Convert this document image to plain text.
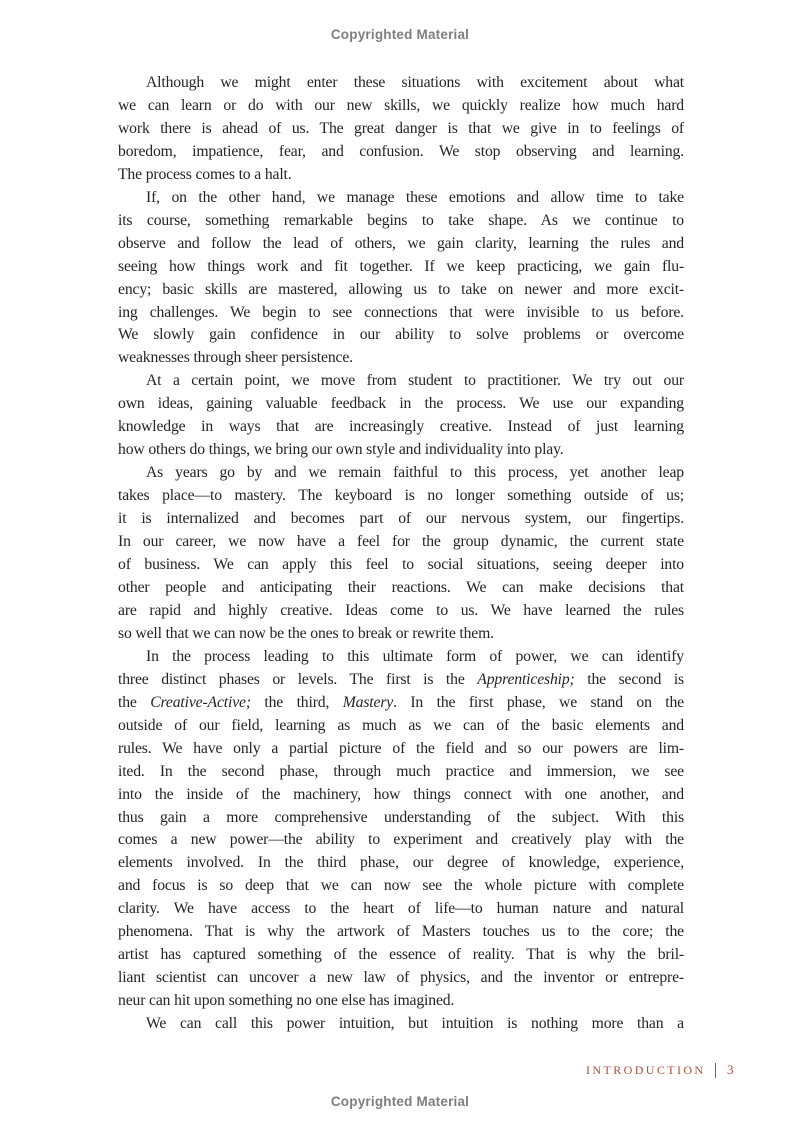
Copyrighted Material
Although we might enter these situations with excitement about what
we can learn or do with our new skills, we quickly realize how much hard
work there is ahead of us. The great danger is that we give in to feelings of
boredom, impatience, fear, and confusion. We stop observing and learning.
The process comes to a halt.
If, on the other hand, we manage these emotions and allow time to take
its course, something remarkable begins to take shape. As we continue to
observe and follow the lead of others, we gain clarity, learning the rules and
seeing how things work and fit together. If we keep practicing, we gain flu-
ency; basic skills are mastered, allowing us to take on newer and more excit-
ing challenges. We begin to see connections that were invisible to us before.
We slowly gain confidence in our ability to solve problems or overcome
weaknesses through sheer persistence.
At a certain point, we move from student to practitioner. We try out our
own ideas, gaining valuable feedback in the process. We use our expanding
knowledge in ways that are increasingly creative. Instead of just learning
how others do things, we bring our own style and individuality into play.
As years go by and we remain faithful to this process, yet another leap
takes place—to mastery. The keyboard is no longer something outside of us;
it is internalized and becomes part of our nervous system, our fingertips.
In our career, we now have a feel for the group dynamic, the current state
of business. We can apply this feel to social situations, seeing deeper into
other people and anticipating their reactions. We can make decisions that
are rapid and highly creative. Ideas come to us. We have learned the rules
so well that we can now be the ones to break or rewrite them.
In the process leading to this ultimate form of power, we can identify
three distinct phases or levels. The first is the Apprenticeship; the second is
the Creative-Active; the third, Mastery. In the first phase, we stand on the
outside of our field, learning as much as we can of the basic elements and
rules. We have only a partial picture of the field and so our powers are lim-
ited. In the second phase, through much practice and immersion, we see
into the inside of the machinery, how things connect with one another, and
thus gain a more comprehensive understanding of the subject. With this
comes a new power—the ability to experiment and creatively play with the
elements involved. In the third phase, our degree of knowledge, experience,
and focus is so deep that we can now see the whole picture with complete
clarity. We have access to the heart of life—to human nature and natural
phenomena. That is why the artwork of Masters touches us to the core; the
artist has captured something of the essence of reality. That is why the bril-
liant scientist can uncover a new law of physics, and the inventor or entrepre-
neur can hit upon something no one else has imagined.
We can call this power intuition, but intuition is nothing more than a
INTRODUCTION 3
Copyrighted Material
